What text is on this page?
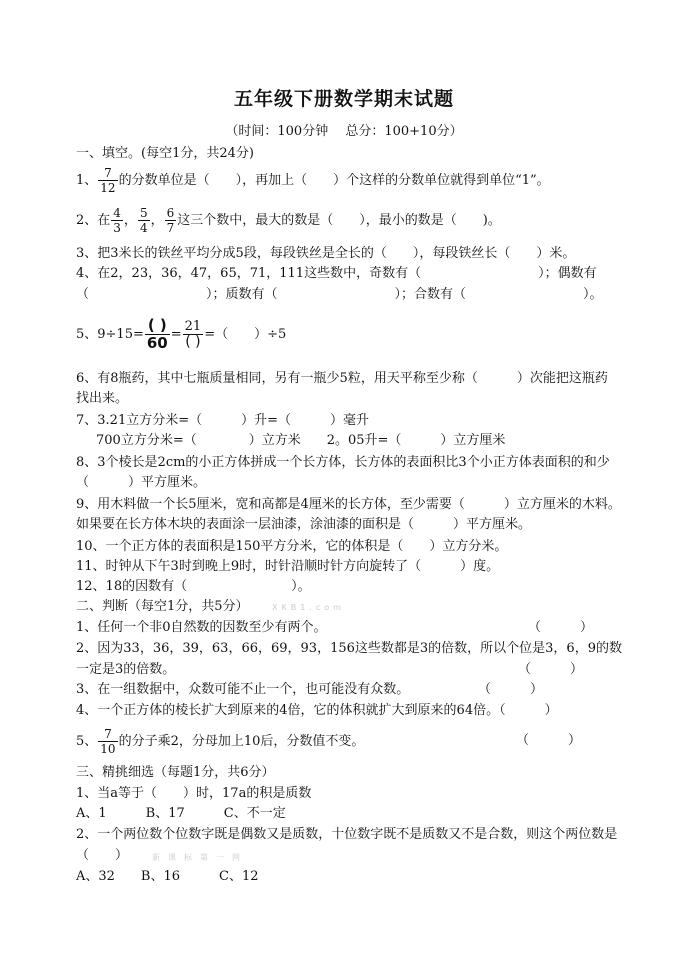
五年级下册数学期末试题
（时间：100分钟　 总分：100+10分）
一、填空。(每空1分，共24分)
1、 $\frac{7}{12}$ 的分数单位是（　　），再加上（　　）个这样的分数单位就得到单位“1”。
2、在 $\frac{4}{3}$ ， $\frac{5}{4}$ ， $\frac{6}{7}$ 这三个数中，最大的数是（　　），最小的数是（　　)。
3、把3米长的铁丝平均分成5段，每段铁丝是全长的（　　），每段铁丝长（　　）米。
4、在2，23，36，47，65，71，111这些数中，奇数有（　　　　　　　　　）；偶数有
（　　　　　　　　　）；质数有（　　　　　　　　　）；合数有（　　　　　　　　　）。
5、$9\div 15= \frac{( )}{60} = \frac{21}{( )}$ =（　　）÷5
6、有8瓶药，其中七瓶质量相同，另有一瓶少5粒，用天平称至少称（　　　）次能把这瓶药
找出来。
7、3.21立方分米=（　　　）升=（　　　）毫升
700立方分米=（　　　　）立方米　　2。05升=（　　　）立方厘米
8、3个棱长是2cm的小正方体拼成一个长方体，长方体的表面积比3个小正方体表面积的和少
（　　　）平方厘米。
9、用木料做一个长5厘米，宽和高都是4厘米的长方体，至少需要（　　　）立方厘米的木料。
如果要在长方体木块的表面涂一层油漆，涂油漆的面积是（　　　）平方厘米。
10、一个正方体的表面积是150平方分米，它的体积是（　　）立方分米。
11、时钟从下午3时到晚上9时，时针沿顺时针方向旋转了（　　　）度。
12、18的因数有（　　　　　　　　）。
二、判断（每空1分，共5分）	XKB1.com
1、任何一个非0自然数的因数至少有两个。	（　　　）
2、因为33，36，39，63，66，69，93，156这些数都是3的倍数，所以个位是3，6，9的数
一定是3的倍数。	（　　　）
3、在一组数据中，众数可能不止一个，也可能没有众数。	（　　　）
4、一个正方体的棱长扩大到原来的4倍，它的体积就扩大到原来的64倍。（　　　）
5、 $\frac{7}{10}$ 的分子乘2，分母加上10后，分数值不变。	（　　　）
三、精挑细选（每题1分，共6分）
1、当a等于（　　）时，17a的积是质数
A、1　　　B、17　　　C、不一定
2、一个两位数个位数字既是偶数又是质数，十位数字既不是质数又不是合数，则这个两位数是
（　　）	新课标第一网
A、32　　B、16　　　C、12
